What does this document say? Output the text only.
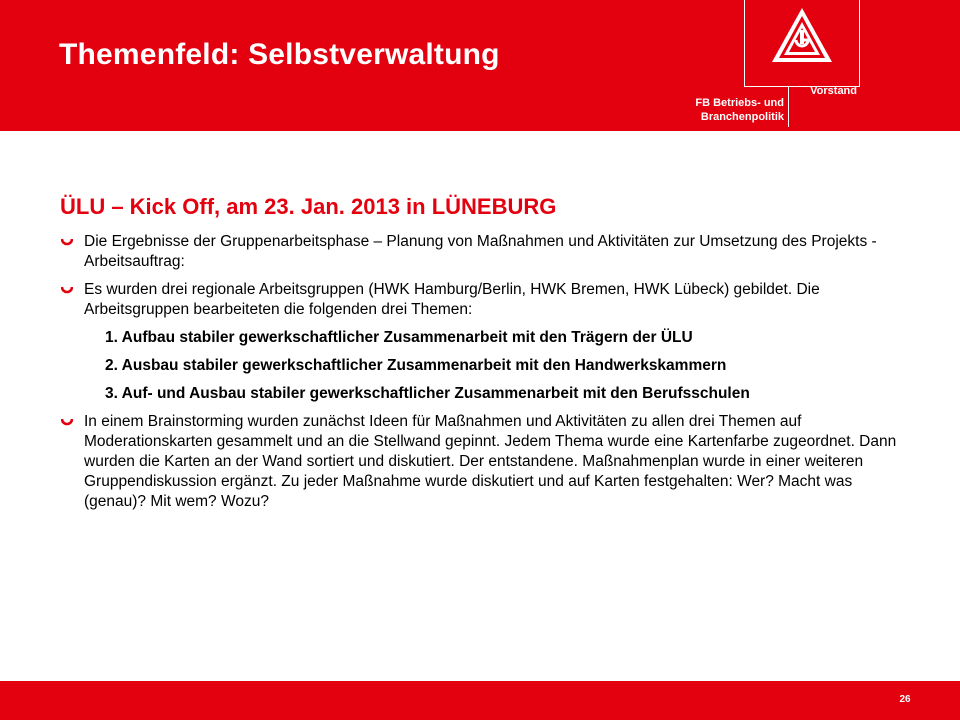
Themenfeld: Selbstverwaltung
FB Betriebs- und
Branchenpolitik
Vorstand
ÜLU – Kick Off, am 23. Jan. 2013 in LÜNEBURG
Die Ergebnisse der Gruppenarbeitsphase – Planung von Maßnahmen und Aktivitäten zur Umsetzung des Projekts - Arbeitsauftrag:
Es wurden drei regionale Arbeitsgruppen (HWK Hamburg/Berlin, HWK Bremen, HWK Lübeck) gebildet. Die Arbeitsgruppen bearbeiteten die folgenden drei Themen:
1. Aufbau stabiler gewerkschaftlicher Zusammenarbeit mit den Trägern der ÜLU
2. Ausbau stabiler gewerkschaftlicher Zusammenarbeit mit den Handwerkskammern
3. Auf- und Ausbau stabiler gewerkschaftlicher Zusammenarbeit mit den Berufsschulen
In einem Brainstorming wurden zunächst Ideen für Maßnahmen und Aktivitäten zu allen drei Themen auf Moderationskarten gesammelt und an die Stellwand gepinnt. Jedem Thema wurde eine Kartenfarbe zugeordnet. Dann wurden die Karten an der Wand sortiert und diskutiert. Der entstandene. Maßnahmenplan wurde in einer weiteren Gruppendiskussion ergänzt. Zu jeder Maßnahme wurde diskutiert und auf Karten festgehalten: Wer? Macht was (genau)? Mit wem? Wozu?
26
